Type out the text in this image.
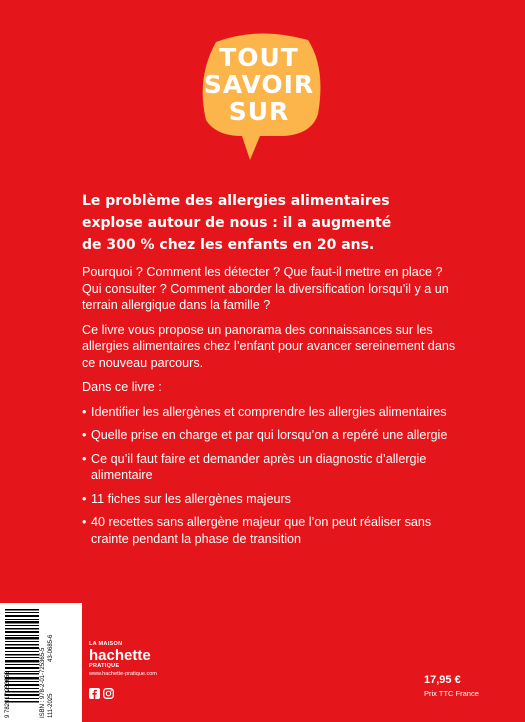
TOUT
SAVOIR
SUR
Le problème des allergies alimentaires
explose autour de nous : il a augmenté
de 300 % chez les enfants en 20 ans.

Pourquoi ? Comment les détecter ? Que faut-il mettre en place ? Qui consulter ? Comment aborder la diversification lorsqu’il y a un terrain allergique dans la famille ?

Ce livre vous propose un panorama des connaissances sur les allergies alimentaires chez l’enfant pour avancer sereinement dans ce nouveau parcours.

Dans ce livre :

• Identifier les allergènes et comprendre les allergies alimentaires
• Quelle prise en charge et par qui lorsqu’on a repéré une allergie
• Ce qu’il faut faire et demander après un diagnostic d’allergie alimentaire
• 11 fiches sur les allergènes majeurs
• 40 recettes sans allergène majeur que l’on peut réaliser sans crainte pendant la phase de transition
9 782017 253655	ISBN : 978-2-01-725365-5 43-0685-6
111-2025
LA MAISON
hachette
PRATIQUE
www.hachette-pratique.com	17,95 €
Prix TTC France
